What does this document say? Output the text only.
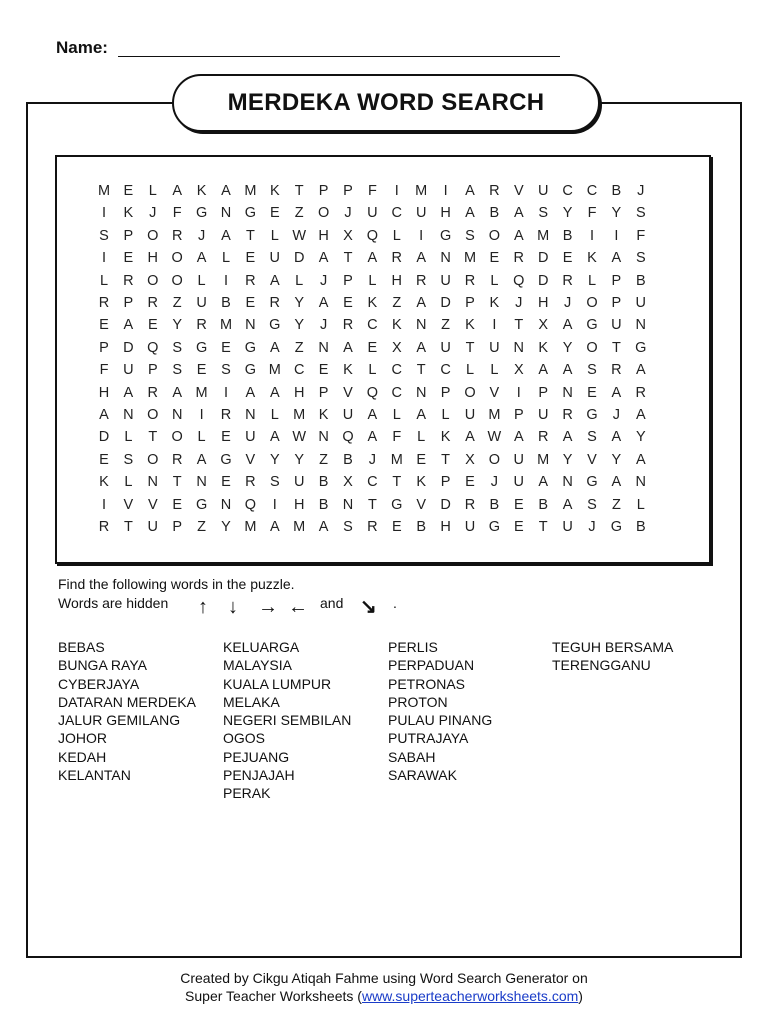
Name:
MERDEKA WORD SEARCH
M E	L	A	K	A M K	T	P	P	F	I	M	I	A R V U C C B	J
I	K	J	F G N G E	Z O	J	U C U H A	B	A	S	Y	F	Y	S
S	P O R	J	A	T	L W H X Q	L	I	G S O A M B	I	I	F
I	E H O A	L	E U D A	T	A R A N M E R D E	K	A	S
L	R O O	L	I	R A	L	J	P	L	H R U R	L	Q D R	L	P	B
R P R	Z	U B	E R Y	A	E	K	Z	A D P	K	J	H	J	O P U
E	A	E	Y R M N G Y	J	R C K N	Z	K	I	T	X	A G U N
P D Q S G E G A	Z	N A	E	X	A U	T	U N K	Y O T G
F	U P	S	E	S G M C E	K	L	C	T	C	L	L	X	A	A	S R A
H A R A M	I	A	A H P	V Q C N P O V	I	P N E	A R
A N O N	I	R N	L M K U A	L	A	L	U M P U R G	J	A
D	L	T O	L	E U A W N Q A	F	L	K	A W A R A	S	A	Y
E	S O R A G V	Y	Y	Z	B	J	M E	T	X O U M Y	V	Y	A
K	L	N	T	N E R S U B	X C	T	K	P	E	J	U A N G A N
I	V	V	E G N Q	I	H B N	T G V D R B	E	B	A	S	Z	L
R	T	U P	Z	Y M A M A	S R E	B H U G E	T	U	J	G B
Find the following words in the puzzle.
Words are hidden ↑ ↓ → ← and ↘ .
BEBAS
BUNGA RAYA
CYBERJAYA
DATARAN MERDEKA
JALUR GEMILANG
JOHOR
KEDAH
KELANTAN
KELUARGA
MALAYSIA
KUALA LUMPUR
MELAKA
NEGERI SEMBILAN
OGOS
PEJUANG
PENJAJAH
PERAK
PERLIS
PERPADUAN
PETRONAS
PROTON
PULAU PINANG
PUTRAJAYA
SABAH
SARAWAK
TEGUH BERSAMA
TERENGGANU
Created by Cikgu Atiqah Fahme using Word Search Generator on
Super Teacher Worksheets (www.superteacherworksheets.com)
